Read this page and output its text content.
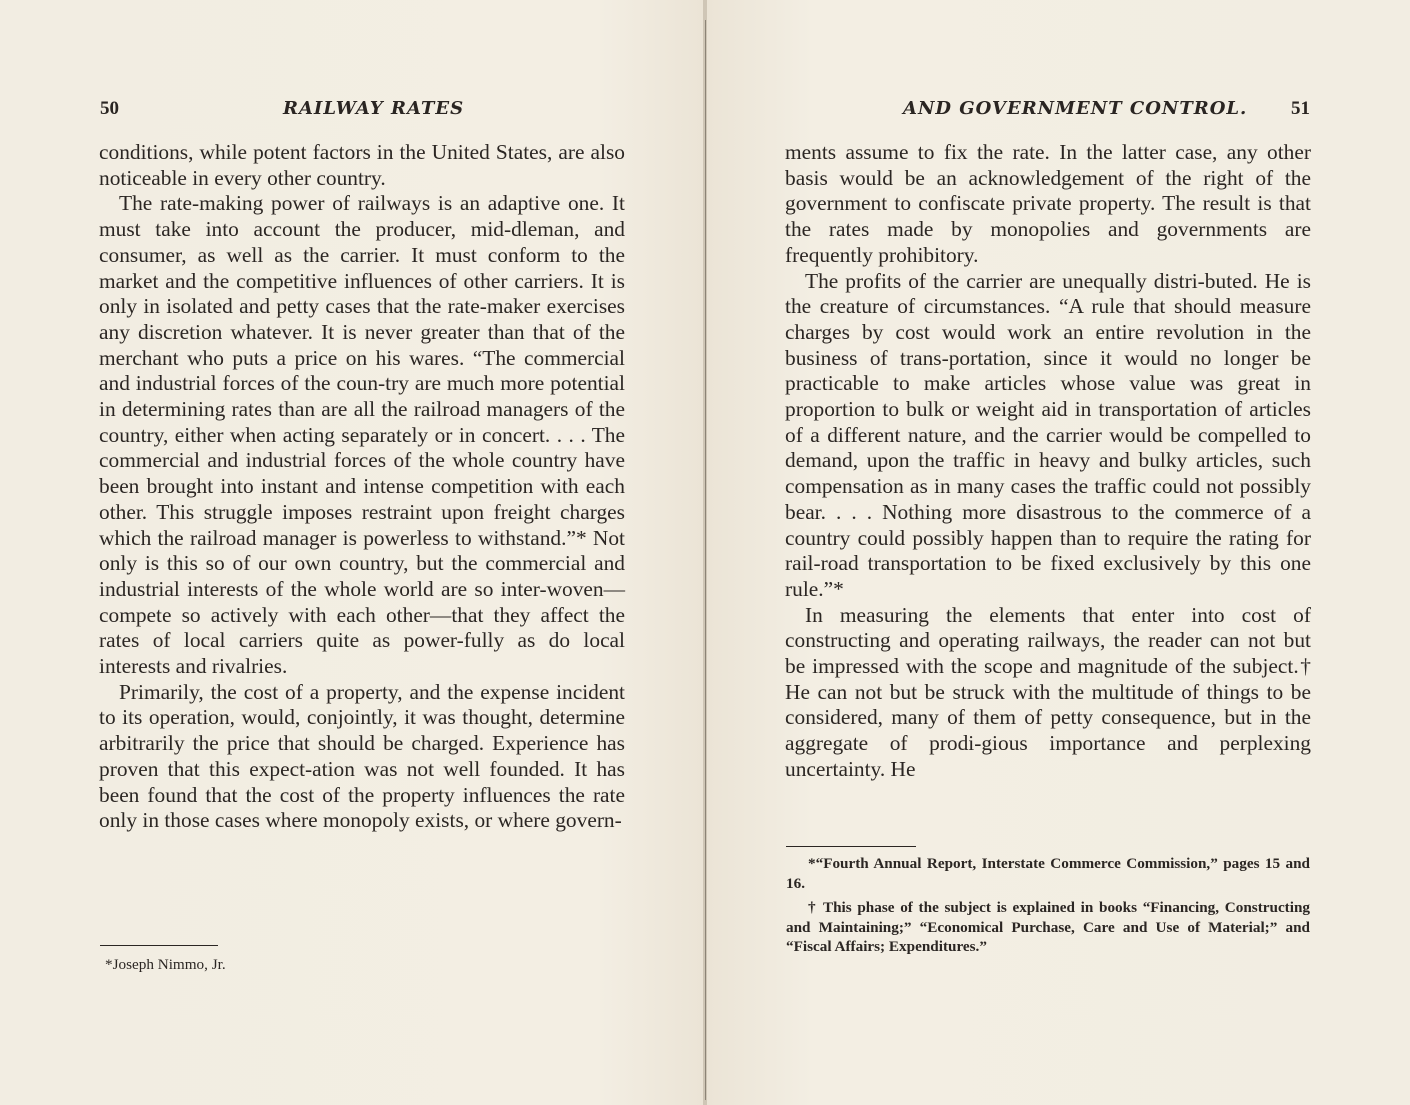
50	RAILWAY RATES	AND GOVERNMENT CONTROL. 51

conditions, while potent factors in the United States, are also noticeable in every other country.

The rate-making power of railways is an adaptive one. It must take into account the producer, mid-dleman, and consumer, as well as the carrier. It must conform to the market and the competitive influences of other carriers. It is only in isolated and petty cases that the rate-maker exercises any discretion whatever. It is never greater than that of the merchant who puts a price on his wares. “The commercial and industrial forces of the coun-try are much more potential in determining rates than are all the railroad managers of the country, either when acting separately or in concert. . . . The commercial and industrial forces of the whole country have been brought into instant and intense competition with each other. This struggle imposes restraint upon freight charges which the railroad manager is powerless to withstand.”* Not only is this so of our own country, but the commercial and industrial interests of the whole world are so inter-woven—compete so actively with each other—that they affect the rates of local carriers quite as power-fully as do local interests and rivalries.

Primarily, the cost of a property, and the expense incident to its operation, would, conjointly, it was thought, determine arbitrarily the price that should be charged. Experience has proven that this expect-ation was not well founded. It has been found that the cost of the property influences the rate only in those cases where monopoly exists, or where govern-

*Joseph Nimmo, Jr.

ments assume to fix the rate. In the latter case, any other basis would be an acknowledgement of the right of the government to confiscate private property. The result is that the rates made by monopolies and governments are frequently prohibitory.

The profits of the carrier are unequally distri-buted. He is the creature of circumstances. “A rule that should measure charges by cost would work an entire revolution in the business of trans-portation, since it would no longer be practicable to make articles whose value was great in proportion to bulk or weight aid in transportation of articles of a different nature, and the carrier would be compelled to demand, upon the traffic in heavy and bulky articles, such compensation as in many cases the traffic could not possibly bear. . . . Nothing more disastrous to the commerce of a country could possibly happen than to require the rating for rail-road transportation to be fixed exclusively by this one rule.”*

In measuring the elements that enter into cost of constructing and operating railways, the reader can not but be impressed with the scope and magnitude of the subject.† He can not but be struck with the multitude of things to be considered, many of them of petty consequence, but in the aggregate of prodi-gious importance and perplexing uncertainty. He

*“Fourth Annual Report, Interstate Commerce Commission,” pages 15 and 16.

† This phase of the subject is explained in books “Financing, Constructing and Maintaining;” “Economical Purchase, Care and Use of Material;” and “Fiscal Affairs; Expenditures.”
